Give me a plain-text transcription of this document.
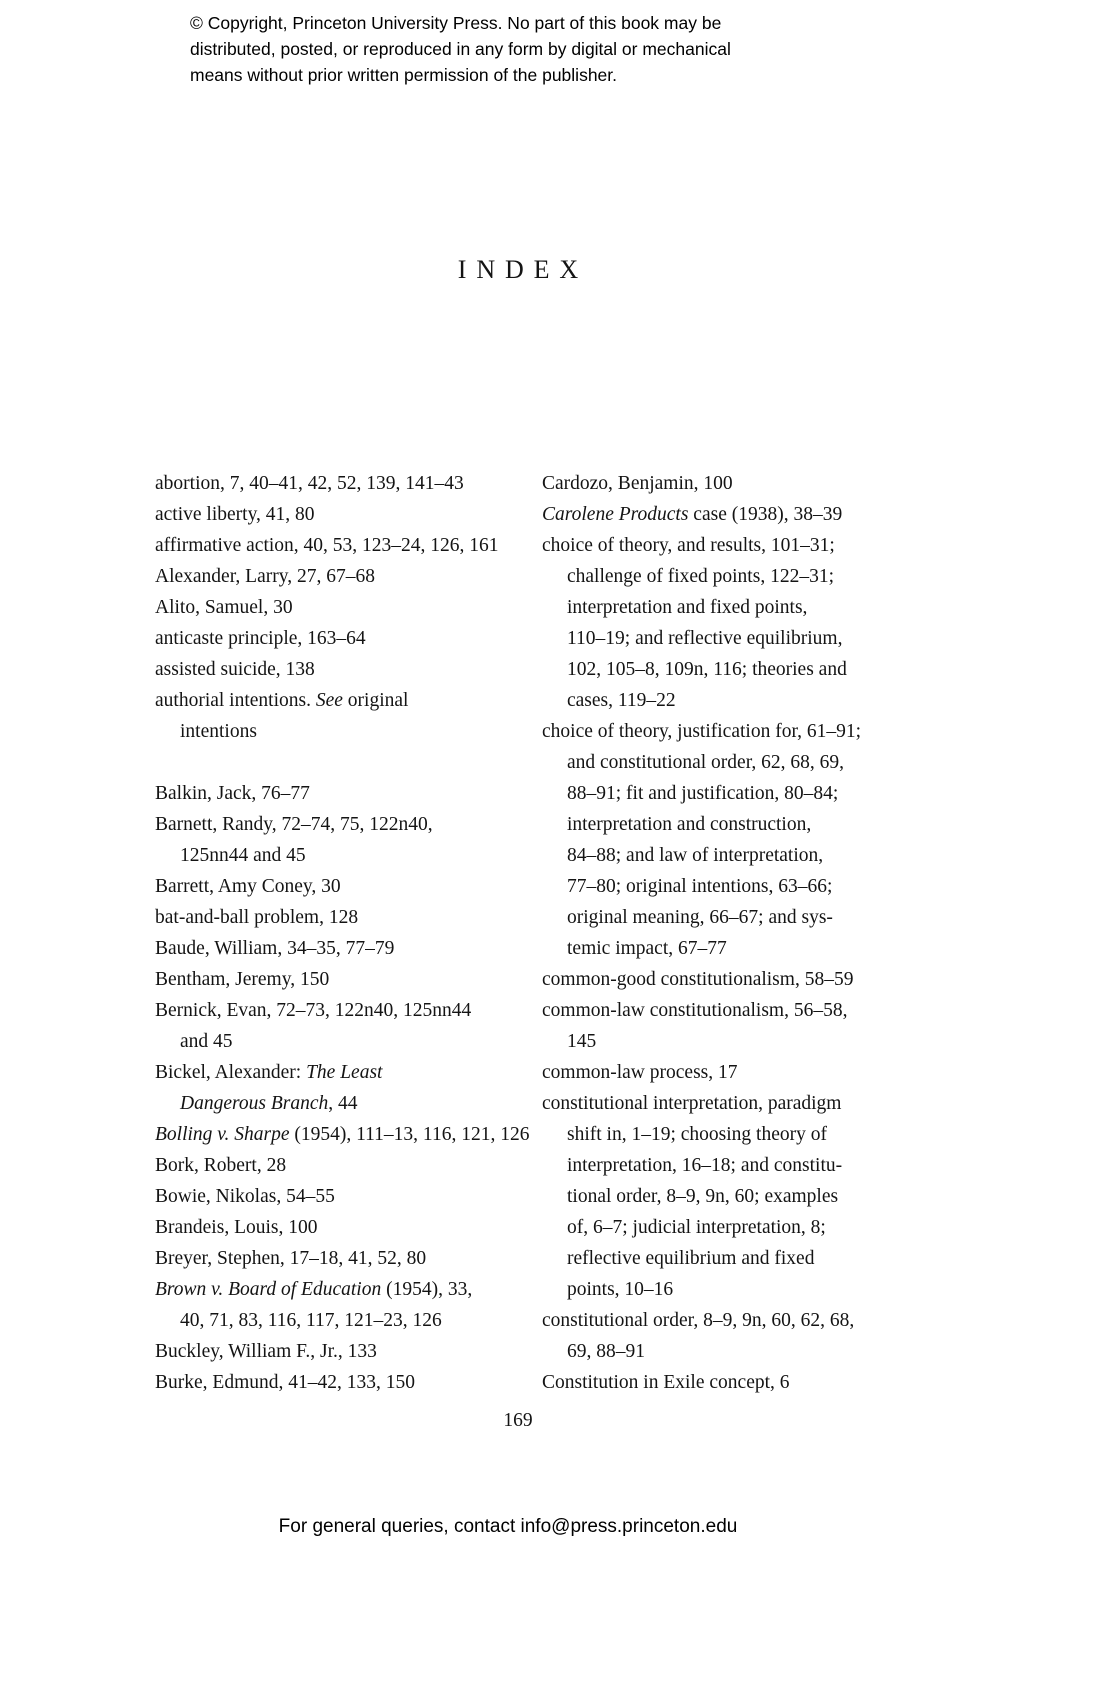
© Copyright, Princeton University Press. No part of this book may be
distributed, posted, or reproduced in any form by digital or mechanical
means without prior written permission of the publisher.
INDEX
abortion, 7, 40–41, 42, 52, 139, 141–43
active liberty, 41, 80
affirmative action, 40, 53, 123–24, 126, 161
Alexander, Larry, 27, 67–68
Alito, Samuel, 30
anticaste principle, 163–64
assisted suicide, 138
authorial intentions. See original
intentions
Balkin, Jack, 76–77
Barnett, Randy, 72–74, 75, 122n40,
125nn44 and 45
Barrett, Amy Coney, 30
bat-and-ball problem, 128
Baude, William, 34–35, 77–79
Bentham, Jeremy, 150
Bernick, Evan, 72–73, 122n40, 125nn44
and 45
Bickel, Alexander: The Least
Dangerous Branch, 44
Bolling v. Sharpe (1954), 111–13, 116, 121, 126
Bork, Robert, 28
Bowie, Nikolas, 54–55
Brandeis, Louis, 100
Breyer, Stephen, 17–18, 41, 52, 80
Brown v. Board of Education (1954), 33,
40, 71, 83, 116, 117, 121–23, 126
Buckley, William F., Jr., 133
Burke, Edmund, 41–42, 133, 150
Cardozo, Benjamin, 100
Carolene Products case (1938), 38–39
choice of theory, and results, 101–31;
challenge of fixed points, 122–31;
interpretation and fixed points,
110–19; and reflective equilibrium,
102, 105–8, 109n, 116; theories and
cases, 119–22
choice of theory, justification for, 61–91;
and constitutional order, 62, 68, 69,
88–91; fit and justification, 80–84;
interpretation and construction,
84–88; and law of interpretation,
77–80; original intentions, 63–66;
original meaning, 66–67; and sys-
temic impact, 67–77
common-good constitutionalism, 58–59
common-law constitutionalism, 56–58,
145
common-law process, 17
constitutional interpretation, paradigm
shift in, 1–19; choosing theory of
interpretation, 16–18; and constitu-
tional order, 8–9, 9n, 60; examples
of, 6–7; judicial interpretation, 8;
reflective equilibrium and fixed
points, 10–16
constitutional order, 8–9, 9n, 60, 62, 68,
69, 88–91
Constitution in Exile concept, 6
169
For general queries, contact info@press.princeton.edu
